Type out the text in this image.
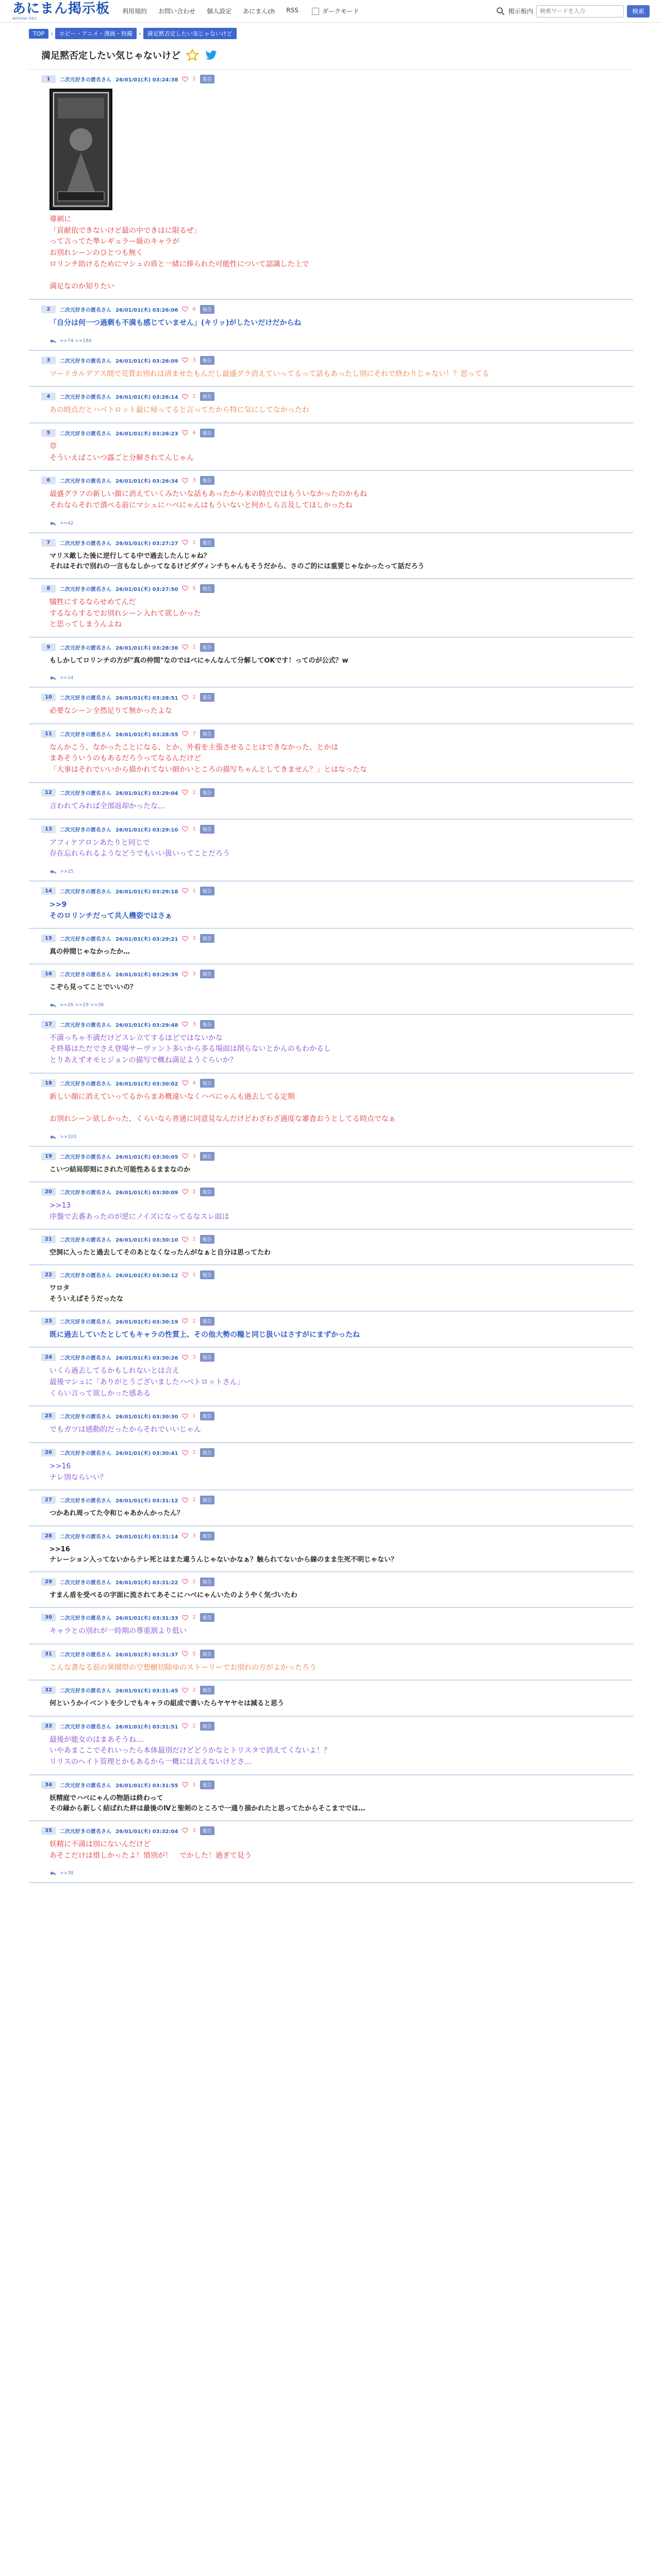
あにまん掲示板
animan bbs
利用規約 お問い合わせ 個人設定 あにまんch RSS	ダークモード	掲示板内
検索ワードを入力	検索
TOP	›	ホビー・アニメ・漫画・特撮	›	満足黙否定したい気じゃないけど
満足黙否定したい気じゃないけど
1	二次元好きの匿名さん 26/01/01(木) 03:24:38	2	報告
導刺に
「貢献依できないけど最の中できはに限るぜ」
って言ってた準レギュラー級のキャラが
お別れシーンのひとつも無く
ロリンチ助けるためにマシュの盾と一緒に捧られた可能性について認識した上で

満足なのか知りたい
2	二次元好きの匿名さん 26/01/01(木) 03:26:06	6	報告
「自分は何一つ過剰も不満も感じていません」(キリッ)がしたいだけだからね
>>74 >>184
3	二次元好きの匿名さん 26/01/01(木) 03:26:09	3	報告
ツードカルデアス間で荒質お別れは済ませたもんだし最盛グラ消えていってるって話もあったし別にそれで終わりじゃない！？思ってる
4	二次元好きの匿名さん 26/01/01(木) 03:26:14	2	報告
あの時点だとハベトロット最に帰ってると言ってたから特に気にしてなかったわ
5	二次元好きの匿名さん 26/01/01(木) 03:26:23	6	報告
草
そういえばこいつ露ごと分解されてんじゃん
6	二次元好きの匿名さん 26/01/01(木) 03:26:34	3	報告
最盛グラフの新しい顔に消えていくみたいな話もあったから未の時点ではもういなかったのかもね
それならそれで潰ぺる前にマシュにハベにゃんはもういないと何かしら言及してほしかったね
>>42
7	二次元好きの匿名さん 26/01/01(木) 03:27:27	1	報告
マリス敵した後に逆行してる中で過去したんじゃね？
それはそれで別れの一言もなしかってなるけどダヴィンチちゃんもそうだから、さのご的には重要じゃなかったって話だろう
8	二次元好きの匿名さん 26/01/01(木) 03:27:50	5	報告
犠牲にするならせめてんだ
するならするでお別れシーン入れて欲しかった
と思ってしまうんよね
9	二次元好きの匿名さん 26/01/01(木) 03:28:36	1	報告
もしかしてロリンチの方が"真の仲間"なのではベにゃんなんて分解してOKです！ってのが公式？w
>>14
10	二次元好きの匿名さん 26/01/01(木) 03:28:51	2	報告
必要なシーン全然足りて無かったよな
11	二次元好きの匿名さん 26/01/01(木) 03:28:55	7	報告
なんかこう、なかったことになる、とか、外着を主張させることはできなかった、とかは
まあそういうのもあるだろうってなるんだけど
「大事はそれでいいから描かれてない細かいところの描写ちゃんとしてきません？」とはなったな
12	二次元好きの匿名さん 26/01/01(木) 03:29:04	2	報告
言われてみれば全部返却かったな…
13	二次元好きの匿名さん 26/01/01(木) 03:29:10	1	報告
アフィケアロンあたりと同じで
存在忘れられるようなどうでもいい扱いってことだろう
>>25
14	二次元好きの匿名さん 26/01/01(木) 03:29:18	1	報告
>>9
そのロリンチだって共人機姿ではさぁ
15	二次元好きの匿名さん 26/01/01(木) 03:29:21	3	報告
真の仲間じゃなかったか…
16	二次元好きの匿名さん 26/01/01(木) 03:29:39	3	報告
こぞら見ってことでいいの？
>>26 >>29 >>36
17	二次元好きの匿名さん 26/01/01(木) 03:29:48	3	報告
不満っちゃ不満だけどスレ立てするほどではないかな
そ終幕はただでさえ登場サーヴァント多いから多る場面は削らないとかんのもわかるし
とりあえずオモヒジョンの描写で概ね満足ようぐらいか？
18	二次元好きの匿名さん 26/01/01(木) 03:30:02	4	報告
新しい顔に消えていってるからまあ概違いなくハベにゃんも過去してる定期

お別れシーン欲しかった、くらいなら普通に同意見なんだけどわざわざ過度な審査おうとしてる時点でなぁ
>>103
19	二次元好きの匿名さん 26/01/01(木) 03:30:05	3	報告
こいつ結局即刻にされた可能性あるままなのか
20	二次元好きの匿名さん 26/01/01(木) 03:30:09	2	報告
>>13
序盤で去番あったのが逆にノイズになってるなスレ面は
21	二次元好きの匿名さん 26/01/01(木) 03:30:10	2	報告
空洞に入ったと過去してそのあとなくなったんがなぁと自分は思ってたわ
22	二次元好きの匿名さん 26/01/01(木) 03:30:12	1	報告
ワロタ
そういえばそうだったな
23	二次元好きの匿名さん 26/01/01(木) 03:30:19	2	報告
既に過去していたとしてもキャラの性質上、その他大勢の糧と同じ扱いはさすがにまずかったね
24	二次元好きの匿名さん 26/01/01(木) 03:30:26	3	報告
いくら過去してるかもしれないとは言え
最後マシュに「ありがとうございましたハベトロットさん」
くらい言って欲しかった感ある
25	二次元好きの匿名さん 26/01/01(木) 03:30:30	1	報告
でもガツは感動的だったからそれでいいじゃん
26	二次元好きの匿名さん 26/01/01(木) 03:30:41	2	報告
>>16
ナレ別ならいい？
27	二次元好きの匿名さん 26/01/01(木) 03:31:12	2	報告
つかあれ周ってた令和じゃあかんかったん？
28	二次元好きの匿名さん 26/01/01(木) 03:31:14	3	報告
>>16
ナレーション入ってないからテレ死とはまた違うんじゃないかなぁ？触られてないから線のまま生死不明じゃない？
29	二次元好きの匿名さん 26/01/01(木) 03:31:22	2	報告
すまん盾を受ぺるの字面に流されてあそこにハベにゃんいたのようやく気づいたわ
30	二次元好きの匿名さん 26/01/01(木) 03:31:33	2	報告
キャラとの別れが一時期の尊重割より低い
31	二次元好きの匿名さん 26/01/01(木) 03:31:37	5	報告
こんな書なる前の異聞帯の空想樹切除ゆのストーリーでお別れの方がよかったろう
32	二次元好きの匿名さん 26/01/01(木) 03:31:45	2	報告
何というかイベントを少しでもキャラの組成で書いたらヤヤヤセは減ると思う
33	二次元好きの匿名さん 26/01/01(木) 03:31:51	2	報告
最後が能女のはまあそうね…
いやあまここでそれいったら本体最別だけどどうかなとトリスタで消えてくないよ！？
リリスのヘイト管理とかもあるから一概には言えないけどさ…
34	二次元好きの匿名さん 26/01/01(木) 03:31:55	1	報告
妖精庭でハベにゃんの物語は終わって
その縁から新しく結ばれた絆は最後のⅣと聖剣のところで一通り描かれたと思ってたからそこまででは…
35	二次元好きの匿名さん 26/01/01(木) 03:32:04	3	報告
妖精に不満は別にないんだけど
あそこだけは惜しかったよ！惜別が！　でかした！過ぎて見う
>>38
